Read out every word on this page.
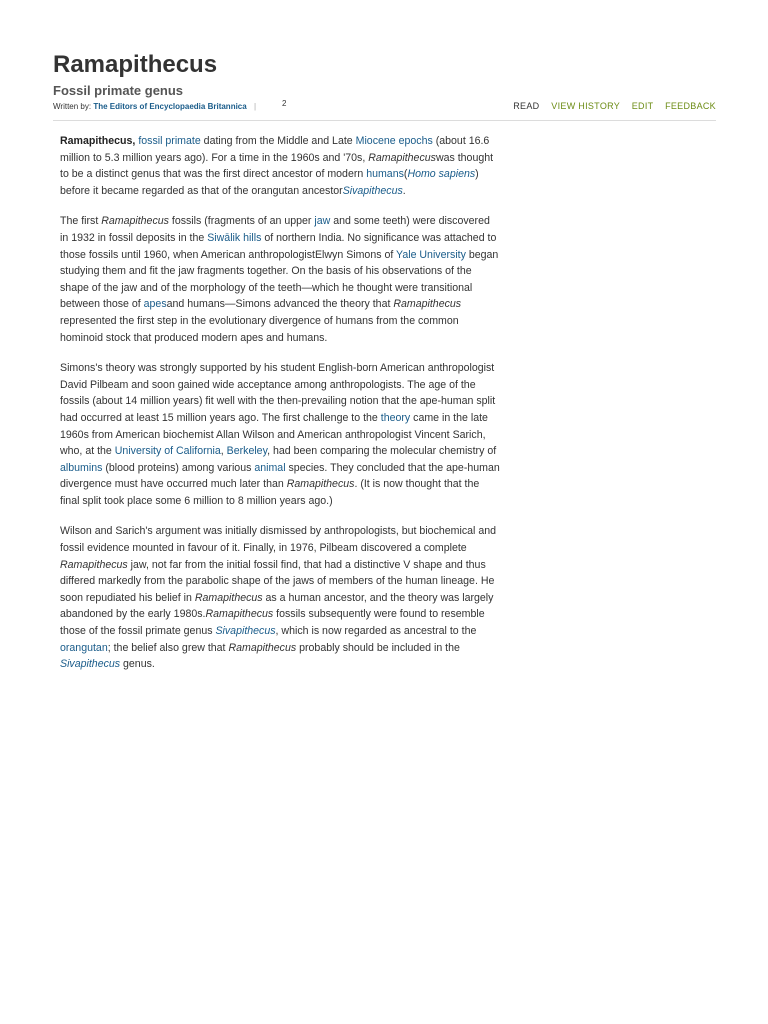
Ramapithecus
Fossil primate genus
Written by: The Editors of Encyclopaedia Britannica |	2	READ VIEW HISTORY EDIT FEEDBACK

Ramapithecus, fossil primate dating from the Middle and Late Miocene epochs (about 16.6 million to 5.3 million years ago). For a time in the 1960s and '70s, Ramapithecuswas thought to be a distinct genus that was the first direct ancestor of modern humans(Homo sapiens) before it became regarded as that of the orangutan ancestorSivapithecus.

The first Ramapithecus fossils (fragments of an upper jaw and some teeth) were discovered in 1932 in fossil deposits in the Siwālik hills of northern India. No significance was attached to those fossils until 1960, when American anthropologistElwyn Simons of Yale University began studying them and fit the jaw fragments together. On the basis of his observations of the shape of the jaw and of the morphology of the teeth—which he thought were transitional between those of apesand humans—Simons advanced the theory that Ramapithecus represented the first step in the evolutionary divergence of humans from the common hominoid stock that produced modern apes and humans.

Simons's theory was strongly supported by his student English-born American anthropologist David Pilbeam and soon gained wide acceptance among anthropologists. The age of the fossils (about 14 million years) fit well with the then-prevailing notion that the ape-human split had occurred at least 15 million years ago. The first challenge to the theory came in the late 1960s from American biochemist Allan Wilson and American anthropologist Vincent Sarich, who, at the University of California, Berkeley, had been comparing the molecular chemistry of albumins (blood proteins) among various animal species. They concluded that the ape-human divergence must have occurred much later than Ramapithecus. (It is now thought that the final split took place some 6 million to 8 million years ago.)

Wilson and Sarich's argument was initially dismissed by anthropologists, but biochemical and fossil evidence mounted in favour of it. Finally, in 1976, Pilbeam discovered a complete Ramapithecus jaw, not far from the initial fossil find, that had a distinctive V shape and thus differed markedly from the parabolic shape of the jaws of members of the human lineage. He soon repudiated his belief in Ramapithecus as a human ancestor, and the theory was largely abandoned by the early 1980s.Ramapithecus fossils subsequently were found to resemble those of the fossil primate genus Sivapithecus, which is now regarded as ancestral to the orangutan; the belief also grew that Ramapithecus probably should be included in the Sivapithecus genus.
